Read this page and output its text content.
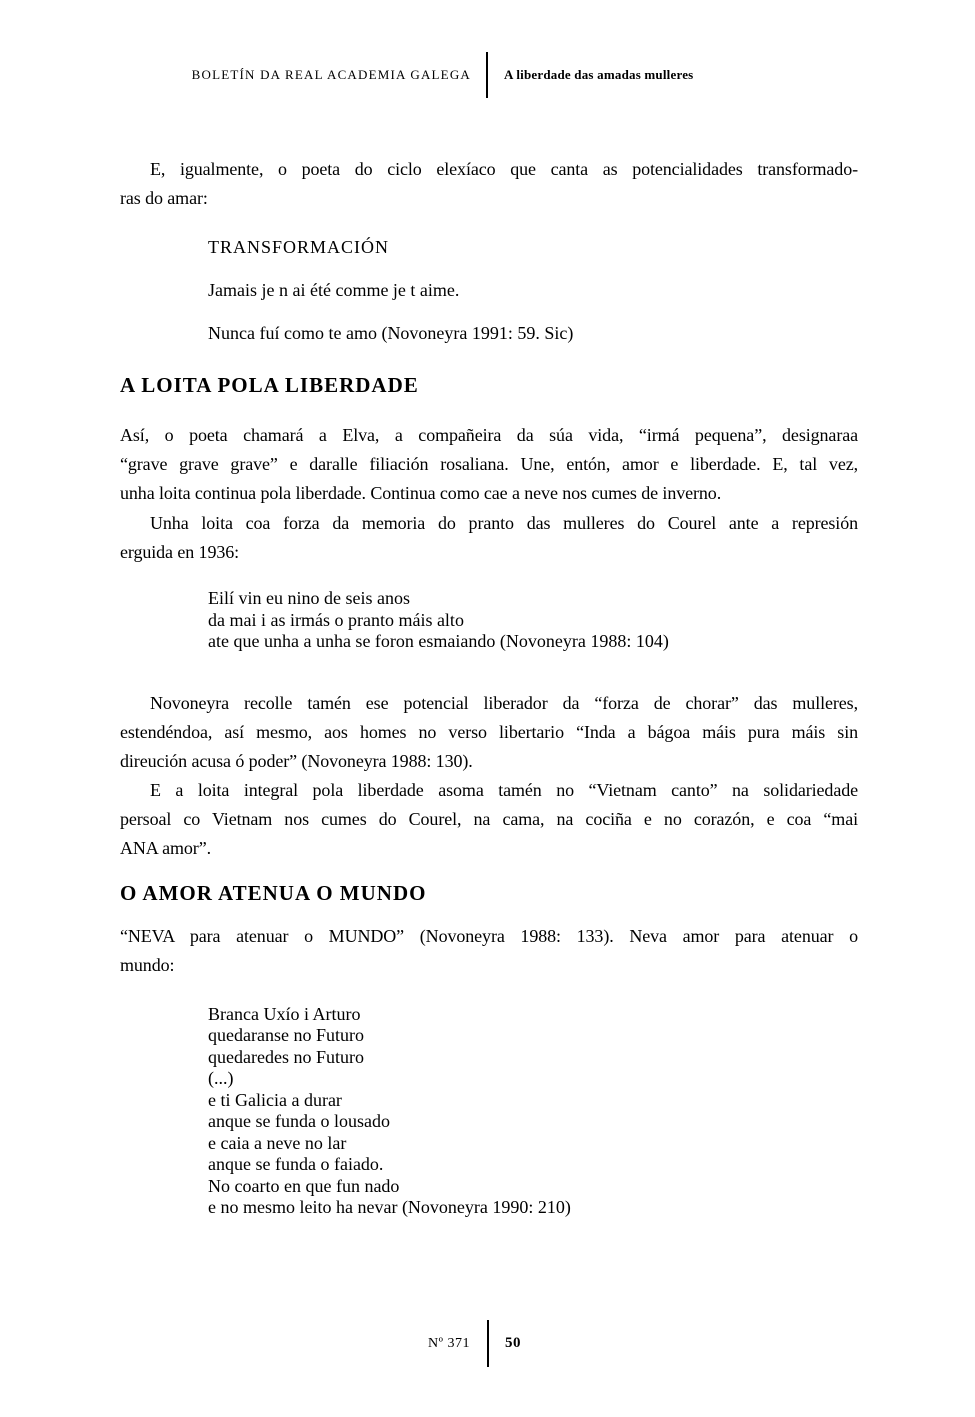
BOLETÍN DA REAL ACADEMIA GALEGA	A liberdade das amadas mulleres
E, igualmente, o poeta do ciclo elexíaco que canta as potencialidades transformado-
ras do amar:
TRANSFORMACIÓN
Jamais je n ai été comme je t aime.
Nunca fuí como te amo (Novoneyra 1991: 59. Sic)
A LOITA POLA LIBERDADE
Así, o poeta chamará a Elva, a compañeira da súa vida, “irmá pequena”, designaraa
“grave grave grave” e daralle filiación rosaliana. Une, entón, amor e liberdade. E, tal vez,
unha loita continua pola liberdade. Continua como cae a neve nos cumes de inverno.
Unha loita coa forza da memoria do pranto das mulleres do Courel ante a represión
erguida en 1936:
Eilí vin eu nino de seis anos
da mai i as irmás o pranto máis alto
ate que unha a unha se foron esmaiando (Novoneyra 1988: 104)
Novoneyra recolle tamén ese potencial liberador da “forza de chorar” das mulleres,
estendéndoa, así mesmo, aos homes no verso libertario “Inda a bágoa máis pura máis sin
direución acusa ó poder” (Novoneyra 1988: 130).
E a loita integral pola liberdade asoma tamén no “Vietnam canto” na solidariedade
persoal co Vietnam nos cumes do Courel, na cama, na cociña e no corazón, e coa “mai
ANA amor”.
O AMOR ATENUA O MUNDO
“NEVA para atenuar o MUNDO” (Novoneyra 1988: 133). Neva amor para atenuar o
mundo:
Branca Uxío i Arturo
quedaranse no Futuro
quedaredes no Futuro
(...)
e ti Galicia a durar
anque se funda o lousado
e caia a neve no lar
anque se funda o faiado.
No coarto en que fun nado
e no mesmo leito ha nevar (Novoneyra 1990: 210)
Nº 371	50
